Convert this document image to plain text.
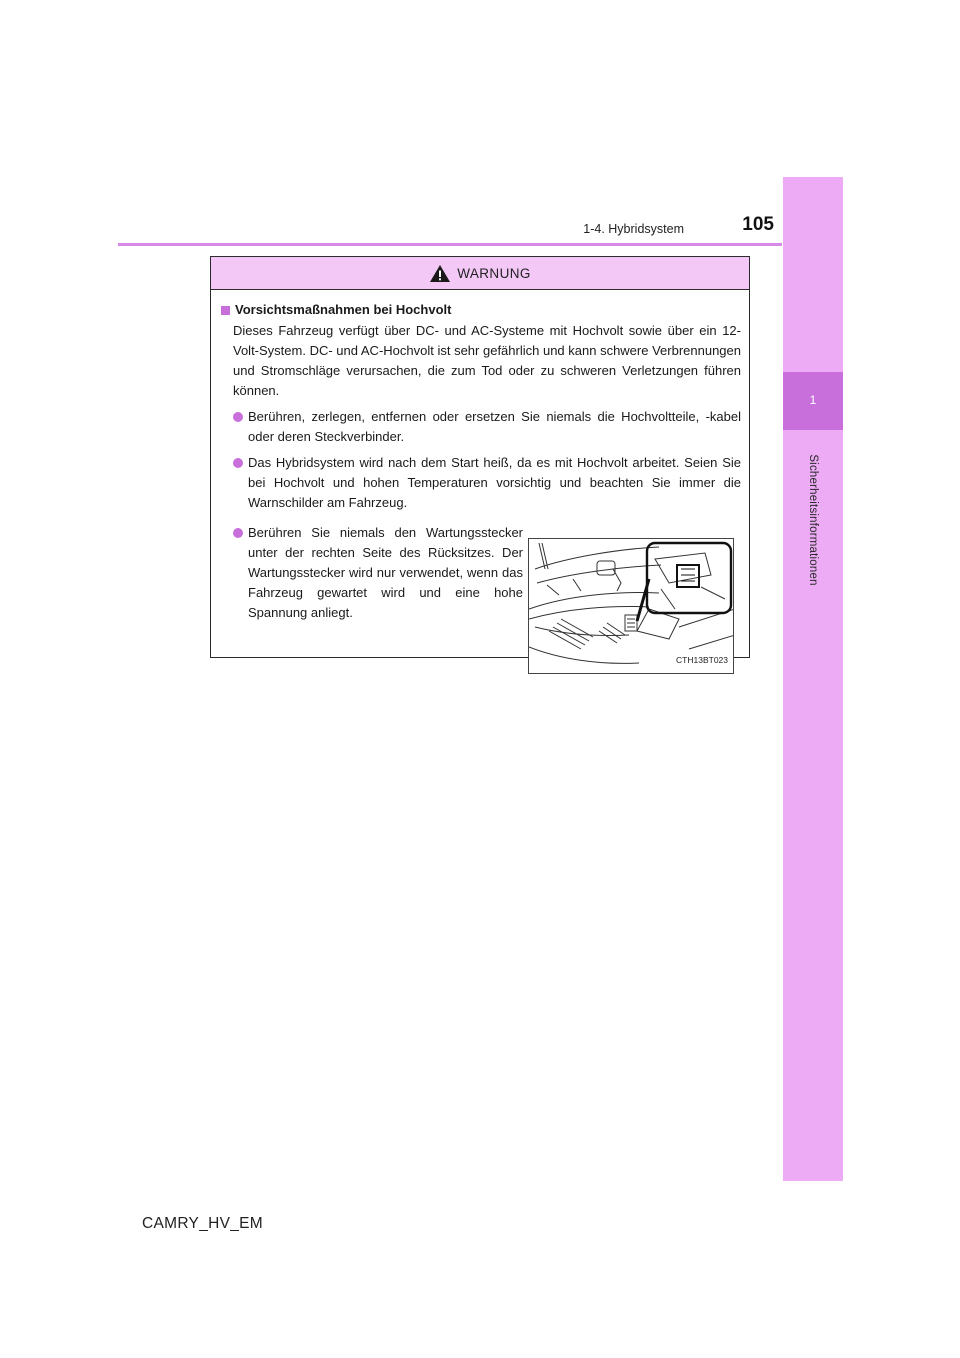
1-4. Hybridsystem	105
1
Sicherheitsinformationen
WARNUNG
Vorsichtsmaßnahmen bei Hochvolt
Dieses Fahrzeug verfügt über DC- und AC-Systeme mit Hochvolt sowie über ein 12-Volt-System. DC- und AC-Hochvolt ist sehr gefährlich und kann schwere Verbrennungen und Stromschläge verursachen, die zum Tod oder zu schweren Verletzungen führen können.
Berühren, zerlegen, entfernen oder ersetzen Sie niemals die Hochvoltteile, -kabel oder deren Steckverbinder.
Das Hybridsystem wird nach dem Start heiß, da es mit Hochvolt arbeitet. Seien Sie bei Hochvolt und hohen Temperaturen vorsichtig und beachten Sie immer die Warnschilder am Fahrzeug.
Berühren Sie niemals den Wartungsstecker unter der rechten Seite des Rücksitzes. Der Wartungsstecker wird nur verwendet, wenn das Fahrzeug gewartet wird und eine hohe Spannung anliegt.
CTH13BT023
CAMRY_HV_EM
